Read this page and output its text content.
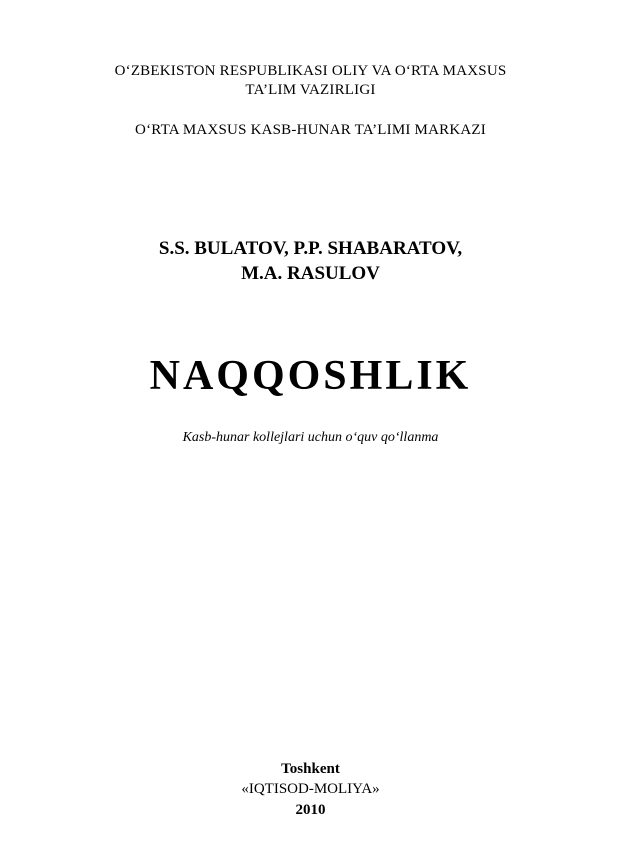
O‘ZBEKISTON RESPUBLIKASI OLIY VA O‘RTA MAXSUS
TA’LIM VAZIRLIGI
O‘RTA MAXSUS KASB-HUNAR TA’LIMI MARKAZI
S.S. BULATOV, P.P. SHABARATOV,
M.A. RASULOV
NAQQOSHLIK
Kasb-hunar kollejlari uchun o‘quv qo‘llanma
Toshkent
«IQTISOD-MOLIYA»
2010
